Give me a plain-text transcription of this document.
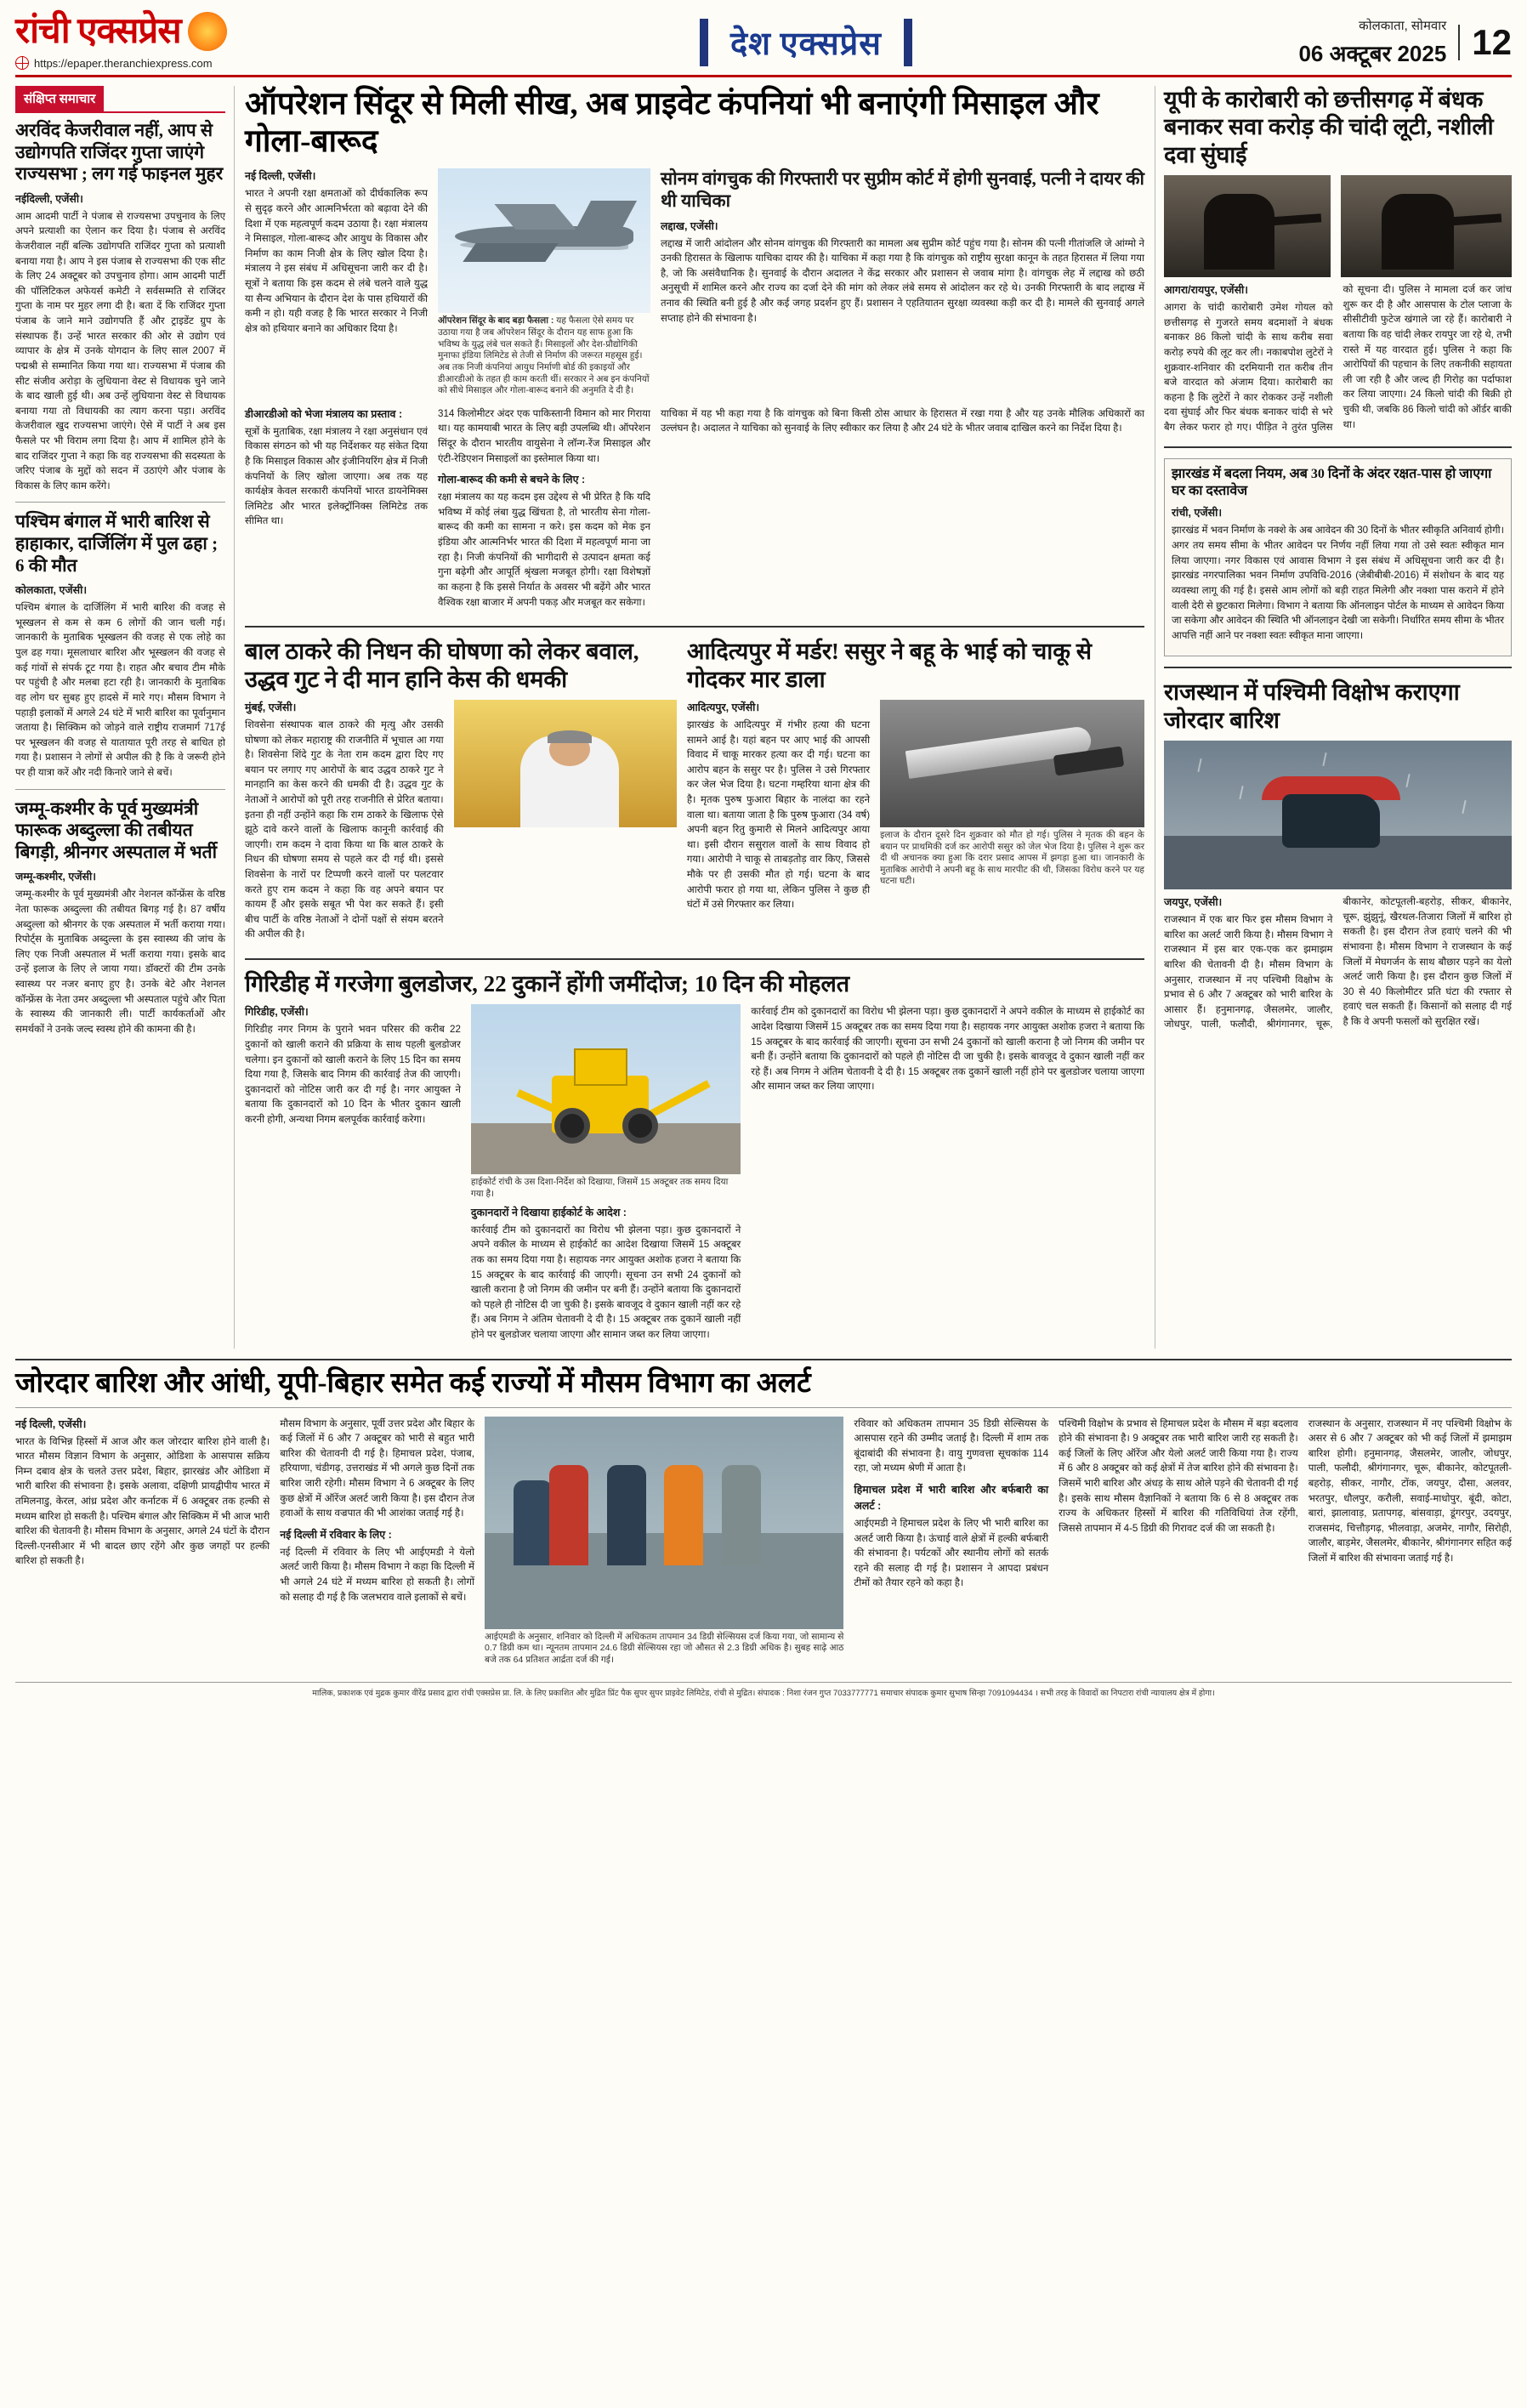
रांची एक्सप्रेस
https://epaper.theranchiexpress.com
देश एक्सप्रेस
कोलकाता, सोमवार
06 अक्टूबर 2025 12
संक्षिप्त समाचार
अरविंद केजरीवाल नहीं, आप से उद्योगपति राजिंदर गुप्ता जाएंगे राज्यसभा ; लग गई फाइनल मुहर

नईदिल्ली, एजेंसी।
आम आदमी पार्टी ने पंजाब से राज्यसभा उपचुनाव के लिए अपने प्रत्याशी का ऐलान कर दिया है। पंजाब से अरविंद केजरीवाल नहीं बल्कि उद्योगपति राजिंदर गुप्ता को प्रत्याशी बनाया गया है। आप ने इस पंजाब से राज्यसभा की एक सीट के लिए 24 अक्टूबर को उपचुनाव होगा। आम आदमी पार्टी की पॉलिटिकल अफेयर्स कमेटी ने सर्वसम्मति से राजिंदर गुप्ता के नाम पर मुहर लगा दी है। बता दें कि राजिंदर गुप्ता पंजाब के जाने माने उद्योगपति हैं और ट्राइडेंट ग्रुप के संस्थापक हैं। उन्हें भारत सरकार की ओर से उद्योग एवं व्यापार के क्षेत्र में उनके योगदान के लिए साल 2007 में पद्मश्री से सम्मानित किया गया था। राज्यसभा में पंजाब की सीट संजीव अरोड़ा के लुधियाना वेस्ट से विधायक चुने जाने के बाद खाली हुई थी। अब उन्हें लुधियाना वेस्ट से विधायक बनाया गया तो विधायकी का त्याग करना पड़ा। अरविंद केजरीवाल खुद राज्यसभा जाएंगे। ऐसे में पार्टी ने अब इस फैसले पर भी विराम लगा दिया है। आप में शामिल होने के बाद राजिंदर गुप्ता ने कहा कि वह राज्यसभा की सदस्यता के जरिए पंजाब के मुद्दों को सदन में उठाएंगे और पंजाब के विकास के लिए काम करेंगे।

पश्चिम बंगाल में भारी बारिश से हाहाकार, दार्जिलिंग में पुल ढहा ; 6 की मौत

कोलकाता, एजेंसी।
पश्चिम बंगाल के दार्जिलिंग में भारी बारिश की वजह से भूस्खलन से कम से कम 6 लोगों की जान चली गई। जानकारी के मुताबिक भूस्खलन की वजह से एक लोहे का पुल ढह गया। मूसलाधार बारिश और भूस्खलन की वजह से कई गांवों से संपर्क टूट गया है। राहत और बचाव टीम मौके पर पहुंची है और मलबा हटा रही है। जानकारी के मुताबिक वह लोग घर सुबह हुए हादसे में मारे गए। मौसम विभाग ने पहाड़ी इलाकों में अगले 24 घंटे में भारी बारिश का पूर्वानुमान जताया है। सिक्किम को जोड़ने वाले राष्ट्रीय राजमार्ग 717ई पर भूस्खलन की वजह से यातायात पूरी तरह से बाधित हो गया है। प्रशासन ने लोगों से अपील की है कि वे जरूरी होने पर ही यात्रा करें और नदी किनारे जाने से बचें।

जम्मू-कश्मीर के पूर्व मुख्यमंत्री फारूक अब्दुल्ला की तबीयत बिगड़ी, श्रीनगर अस्पताल में भर्ती

जम्मू-कश्मीर, एजेंसी।
जम्मू-कश्मीर के पूर्व मुख्यमंत्री और नेशनल कॉन्फ्रेंस के वरिष्ठ नेता फारूक अब्दुल्ला की तबीयत बिगड़ गई है। 87 वर्षीय अब्दुल्ला को श्रीनगर के एक अस्पताल में भर्ती कराया गया। रिपोर्ट्स के मुताबिक अब्दुल्ला के इस स्वास्थ्य की जांच के लिए एक निजी अस्पताल में भर्ती कराया गया। इसके बाद उन्हें इलाज के लिए ले जाया गया। डॉक्टरों की टीम उनके स्वास्थ्य पर नजर बनाए हुए है। उनके बेटे और नेशनल कॉन्फ्रेंस के नेता उमर अब्दुल्ला भी अस्पताल पहुंचे और पिता के स्वास्थ्य की जानकारी ली। पार्टी कार्यकर्ताओं और समर्थकों ने उनके जल्द स्वस्थ होने की कामना की है।

ऑपरेशन सिंदूर से मिली सीख, अब प्राइवेट कंपनियां भी बनाएंगी मिसाइल और गोला-बारूद

नई दिल्ली, एजेंसी।
भारत ने अपनी रक्षा क्षमताओं को दीर्घकालिक रूप से सुदृढ़ करने और आत्मनिर्भरता को बढ़ावा देने की दिशा में एक महत्वपूर्ण कदम उठाया है। रक्षा मंत्रालय ने मिसाइल, गोला-बारूद और आयुध के विकास और निर्माण का काम निजी क्षेत्र के लिए खोल दिया है। मंत्रालय ने इस संबंध में अधिसूचना जारी कर दी है। सूत्रों ने बताया कि इस कदम से लंबे चलने वाले युद्ध या सैन्य अभियान के दौरान देश के पास हथियारों की कमी न हो। यही वजह है कि भारत सरकार ने निजी क्षेत्र को हथियार बनाने का अधिकार दिया है।

ऑपरेशन सिंदूर के बाद बड़ा फैसला : यह फैसला ऐसे समय पर उठाया गया है जब ऑपरेशन सिंदूर के दौरान यह साफ हुआ कि भविष्य के युद्ध लंबे चल सकते हैं। मिसाइलों और देश-प्रौद्योगिकी मुनाफा इंडिया लिमिटेड से तेजी से निर्माण की जरूरत महसूस हुई। अब तक निजी कंपनियां आयुध निर्माणी बोर्ड की इकाइयों और डीआरडीओ के तहत ही काम करती थीं। सरकार ने अब इन कंपनियों को सीधे मिसाइल और गोला-बारूद बनाने की अनुमति दे दी है।
सोनम वांगचुक की गिरफ्तारी पर सुप्रीम कोर्ट में होगी सुनवाई, पत्नी ने दायर की थी याचिका

लद्दाख, एजेंसी।
लद्दाख में जारी आंदोलन और सोनम वांगचुक की गिरफ्तारी का मामला अब सुप्रीम कोर्ट पहुंच गया है। सोनम की पत्नी गीतांजलि जे आंग्मो ने उनकी हिरासत के खिलाफ याचिका दायर की है। याचिका में कहा गया है कि वांगचुक को राष्ट्रीय सुरक्षा कानून के तहत हिरासत में लिया गया है, जो कि असंवैधानिक है। सुनवाई के दौरान अदालत ने केंद्र सरकार और प्रशासन से जवाब मांगा है। वांगचुक लेह में लद्दाख को छठी अनुसूची में शामिल करने और राज्य का दर्जा देने की मांग को लेकर लंबे समय से आंदोलन कर रहे थे। उनकी गिरफ्तारी के बाद लद्दाख में तनाव की स्थिति बनी हुई है और कई जगह प्रदर्शन हुए हैं। प्रशासन ने एहतियातन सुरक्षा व्यवस्था कड़ी कर दी है। मामले की सुनवाई अगले सप्ताह होने की संभावना है।

डीआरडीओ को भेजा मंत्रालय का प्रस्ताव :
सूत्रों के मुताबिक, रक्षा मंत्रालय ने रक्षा अनुसंधान एवं विकास संगठन को भी यह निर्देशकर यह संकेत दिया है कि मिसाइल विकास और इंजीनियरिंग क्षेत्र में निजी कंपनियों के लिए खोला जाएगा। अब तक यह कार्यक्षेत्र केवल सरकारी कंपनियों भारत डायनेमिक्स लिमिटेड और भारत इलेक्ट्रॉनिक्स लिमिटेड तक सीमित था।

314 किलोमीटर अंदर एक पाकिस्तानी विमान को मार गिराया था। यह कामयाबी भारत के लिए बड़ी उपलब्धि थी। ऑपरेशन सिंदूर के दौरान भारतीय वायुसेना ने लॉन्ग-रेंज मिसाइल और एंटी-रेडिएशन मिसाइलों का इस्तेमाल किया था।

गोला-बारूद की कमी से बचने के लिए :
रक्षा मंत्रालय का यह कदम इस उद्देश्य से भी प्रेरित है कि यदि भविष्य में कोई लंबा युद्ध खिंचता है, तो भारतीय सेना गोला-बारूद की कमी का सामना न करे। इस कदम को मेक इन इंडिया और आत्मनिर्भर भारत की दिशा में महत्वपूर्ण माना जा रहा है। निजी कंपनियों की भागीदारी से उत्पादन क्षमता कई गुना बढ़ेगी और आपूर्ति श्रृंखला मजबूत होगी। रक्षा विशेषज्ञों का कहना है कि इससे निर्यात के अवसर भी बढ़ेंगे और भारत वैश्विक रक्षा बाजार में अपनी पकड़ और मजबूत कर सकेगा।

याचिका में यह भी कहा गया है कि वांगचुक को बिना किसी ठोस आधार के हिरासत में रखा गया है और यह उनके मौलिक अधिकारों का उल्लंघन है। अदालत ने याचिका को सुनवाई के लिए स्वीकार कर लिया है और 24 घंटे के भीतर जवाब दाखिल करने का निर्देश दिया है।

बाल ठाकरे की निधन की घोषणा को लेकर बवाल, उद्धव गुट ने दी मान हानि केस की धमकी

मुंबई, एजेंसी।
शिवसेना संस्थापक बाल ठाकरे की मृत्यु और उसकी घोषणा को लेकर महाराष्ट्र की राजनीति में भूचाल आ गया है। शिवसेना शिंदे गुट के नेता राम कदम द्वारा दिए गए बयान पर लगाए गए आरोपों के बाद उद्धव ठाकरे गुट ने मानहानि का केस करने की धमकी दी है। उद्धव गुट के नेताओं ने आरोपों को पूरी तरह राजनीति से प्रेरित बताया। इतना ही नहीं उन्होंने कहा कि राम ठाकरे के खिलाफ ऐसे झूठे दावे करने वालों के खिलाफ कानूनी कार्रवाई की जाएगी। राम कदम ने दावा किया था कि बाल ठाकरे के निधन की घोषणा समय से पहले कर दी गई थी। इससे शिवसेना के नारों पर टिप्पणी करने वालों पर पलटवार करते हुए राम कदम ने कहा कि वह अपने बयान पर कायम हैं और इसके सबूत भी पेश कर सकते हैं। इसी बीच पार्टी के वरिष्ठ नेताओं ने दोनों पक्षों से संयम बरतने की अपील की है।

आदित्यपुर में मर्डर! ससुर ने बहू के भाई को चाकू से गोदकर मार डाला

आदित्यपुर, एजेंसी।
झारखंड के आदित्यपुर में गंभीर हत्या की घटना सामने आई है। यहां बहन पर आए भाई की आपसी विवाद में चाकू मारकर हत्या कर दी गई। घटना का आरोप बहन के ससुर पर है। पुलिस ने उसे गिरफ्तार कर जेल भेज दिया है। घटना गम्हरिया थाना क्षेत्र की है। मृतक पुरुष फुआरा बिहार के नालंदा का रहने वाला था। बताया जाता है कि पुरुष फुआरा (34 वर्ष) अपनी बहन रितु कुमारी से मिलने आदित्यपुर आया था। इसी दौरान ससुराल वालों के साथ विवाद हो गया। आरोपी ने चाकू से ताबड़तोड़ वार किए, जिससे मौके पर ही उसकी मौत हो गई। घटना के बाद आरोपी फरार हो गया था, लेकिन पुलिस ने कुछ ही घंटों में उसे गिरफ्तार कर लिया।

इलाज के दौरान दूसरे दिन शुक्रवार को मौत हो गई। पुलिस ने मृतक की बहन के बयान पर प्राथमिकी दर्ज कर आरोपी ससुर को जेल भेज दिया है। पुलिस ने शुरू कर दी थी अचानक क्या हुआ कि दरार प्रसाद आपस में झगड़ा हुआ था। जानकारी के मुताबिक आरोपी ने अपनी बहू के साथ मारपीट की थी, जिसका विरोध करने पर यह घटना घटी।
गिरिडीह में गरजेगा बुलडोजर, 22 दुकानें होंगी जमींदोज; 10 दिन की मोहलत

गिरिडीह, एजेंसी।
गिरिडीह नगर निगम के पुराने भवन परिसर की करीब 22 दुकानों को खाली कराने की प्रक्रिया के साथ पहली बुलडोजर चलेगा। इन दुकानों को खाली कराने के लिए 15 दिन का समय दिया गया है, जिसके बाद निगम की कार्रवाई तेज की जाएगी। दुकानदारों को नोटिस जारी कर दी गई है। नगर आयुक्त ने बताया कि दुकानदारों को 10 दिन के भीतर दुकान खाली करनी होगी, अन्यथा निगम बलपूर्वक कार्रवाई करेगा।

हाईकोर्ट रांची के उस दिशा-निर्देश को दिखाया, जिसमें 15 अक्टूबर तक समय दिया गया है।

दुकानदारों ने दिखाया हाईकोर्ट के आदेश :
कार्रवाई टीम को दुकानदारों का विरोध भी झेलना पड़ा। कुछ दुकानदारों ने अपने वकील के माध्यम से हाईकोर्ट का आदेश दिखाया जिसमें 15 अक्टूबर तक का समय दिया गया है। सहायक नगर आयुक्त अशोक हजरा ने बताया कि 15 अक्टूबर के बाद कार्रवाई की जाएगी। सूचना उन सभी 24 दुकानों को खाली कराना है जो निगम की जमीन पर बनी हैं। उन्होंने बताया कि दुकानदारों को पहले ही नोटिस दी जा चुकी है। इसके बावजूद वे दुकान खाली नहीं कर रहे हैं। अब निगम ने अंतिम चेतावनी दे दी है। 15 अक्टूबर तक दुकानें खाली नहीं होने पर बुलडोजर चलाया जाएगा और सामान जब्त कर लिया जाएगा।

कार्रवाई टीम को दुकानदारों का विरोध भी झेलना पड़ा। कुछ दुकानदारों ने अपने वकील के माध्यम से हाईकोर्ट का आदेश दिखाया जिसमें 15 अक्टूबर तक का समय दिया गया है। सहायक नगर आयुक्त अशोक हजरा ने बताया कि 15 अक्टूबर के बाद कार्रवाई की जाएगी। सूचना उन सभी 24 दुकानों को खाली कराना है जो निगम की जमीन पर बनी हैं। उन्होंने बताया कि दुकानदारों को पहले ही नोटिस दी जा चुकी है। इसके बावजूद वे दुकान खाली नहीं कर रहे हैं। अब निगम ने अंतिम चेतावनी दे दी है। 15 अक्टूबर तक दुकानें खाली नहीं होने पर बुलडोजर चलाया जाएगा और सामान जब्त कर लिया जाएगा।

यूपी के कारोबारी को छत्तीसगढ़ में बंधक बनाकर सवा करोड़ की चांदी लूटी, नशीली दवा सुंघाई

आगरा/रायपुर, एजेंसी।
आगरा के चांदी कारोबारी उमेश गोयल को छत्तीसगढ़ से गुजरते समय बदमाशों ने बंधक बनाकर 86 किलो चांदी के साथ करीब सवा करोड़ रुपये की लूट कर ली। नकाबपोश लुटेरों ने शुक्रवार-शनिवार की दरमियानी रात करीब तीन बजे वारदात को अंजाम दिया। कारोबारी का कहना है कि लुटेरों ने कार रोककर उन्हें नशीली दवा सुंघाई और फिर बंधक बनाकर चांदी से भरे बैग लेकर फरार हो गए। पीड़ित ने तुरंत पुलिस को सूचना दी। पुलिस ने मामला दर्ज कर जांच शुरू कर दी है और आसपास के टोल प्लाजा के सीसीटीवी फुटेज खंगाले जा रहे हैं। कारोबारी ने बताया कि वह चांदी लेकर रायपुर जा रहे थे, तभी रास्ते में यह वारदात हुई। पुलिस ने कहा कि आरोपियों की पहचान के लिए तकनीकी सहायता ली जा रही है और जल्द ही गिरोह का पर्दाफाश कर लिया जाएगा। 24 किलो चांदी की बिक्री हो चुकी थी, जबकि 86 किलो चांदी को ऑर्डर बाकी था।

झारखंड में बदला नियम, अब 30 दिनों के अंदर रक्षत-पास हो जाएगा घर का दस्तावेज

रांची, एजेंसी।
झारखंड में भवन निर्माण के नक्शे के अब आवेदन की 30 दिनों के भीतर स्वीकृति अनिवार्य होगी। अगर तय समय सीमा के भीतर आवेदन पर निर्णय नहीं लिया गया तो उसे स्वतः स्वीकृत मान लिया जाएगा। नगर विकास एवं आवास विभाग ने इस संबंध में अधिसूचना जारी कर दी है। झारखंड नगरपालिका भवन निर्माण उपविधि-2016 (जेबीबीबी-2016) में संशोधन के बाद यह व्यवस्था लागू की गई है। इससे आम लोगों को बड़ी राहत मिलेगी और नक्शा पास कराने में होने वाली देरी से छुटकारा मिलेगा। विभाग ने बताया कि ऑनलाइन पोर्टल के माध्यम से आवेदन किया जा सकेगा और आवेदन की स्थिति भी ऑनलाइन देखी जा सकेगी। निर्धारित समय सीमा के भीतर आपत्ति नहीं आने पर नक्शा स्वतः स्वीकृत माना जाएगा।

राजस्थान में पश्चिमी विक्षोभ कराएगा जोरदार बारिश

जयपुर, एजेंसी।
राजस्थान में एक बार फिर इस मौसम विभाग ने बारिश का अलर्ट जारी किया है। मौसम विभाग ने राजस्थान में इस बार एक-एक कर झमाझम बारिश की चेतावनी दी है। मौसम विभाग के अनुसार, राजस्थान में नए पश्चिमी विक्षोभ के प्रभाव से 6 और 7 अक्टूबर को भारी बारिश के आसार हैं। हनुमानगढ़, जैसलमेर, जालौर, जोधपुर, पाली, फलौदी, श्रीगंगानगर, चूरू, बीकानेर, कोटपूतली-बहरोड़, सीकर, बीकानेर, चूरू, झुंझुनूं, खैरथल-तिजारा जिलों में बारिश हो सकती है। इस दौरान तेज हवाएं चलने की भी संभावना है। मौसम विभाग ने राजस्थान के कई जिलों में मेघगर्जन के साथ बौछार पड़ने का येलो अलर्ट जारी किया है। इस दौरान कुछ जिलों में 30 से 40 किलोमीटर प्रति घंटा की रफ्तार से हवाएं चल सकती हैं। किसानों को सलाह दी गई है कि वे अपनी फसलों को सुरक्षित रखें।

जोरदार बारिश और आंधी, यूपी-बिहार समेत कई राज्यों में मौसम विभाग का अलर्ट

नई दिल्ली, एजेंसी।
भारत के विभिन्न हिस्सों में आज और कल जोरदार बारिश होने वाली है। भारत मौसम विज्ञान विभाग के अनुसार, ओडिशा के आसपास सक्रिय निम्न दबाव क्षेत्र के चलते उत्तर प्रदेश, बिहार, झारखंड और ओडिशा में भारी बारिश की संभावना है। इसके अलावा, दक्षिणी प्रायद्वीपीय भारत में तमिलनाडु, केरल, आंध्र प्रदेश और कर्नाटक में 6 अक्टूबर तक हल्की से मध्यम बारिश हो सकती है। पश्चिम बंगाल और सिक्किम में भी आज भारी बारिश की चेतावनी है। मौसम विभाग के अनुसार, अगले 24 घंटों के दौरान दिल्ली-एनसीआर में भी बादल छाए रहेंगे और कुछ जगहों पर हल्की बारिश हो सकती है।

मौसम विभाग के अनुसार, पूर्वी उत्तर प्रदेश और बिहार के कई जिलों में 6 और 7 अक्टूबर को भारी से बहुत भारी बारिश की चेतावनी दी गई है। हिमाचल प्रदेश, पंजाब, हरियाणा, चंडीगढ़, उत्तराखंड में भी अगले कुछ दिनों तक बारिश जारी रहेगी। मौसम विभाग ने 6 अक्टूबर के लिए कुछ क्षेत्रों में ऑरेंज अलर्ट जारी किया है। इस दौरान तेज हवाओं के साथ वज्रपात की भी आशंका जताई गई है।

नई दिल्ली में रविवार के लिए :
नई दिल्ली में रविवार के लिए भी आईएमडी ने येलो अलर्ट जारी किया है। मौसम विभाग ने कहा कि दिल्ली में भी अगले 24 घंटे में मध्यम बारिश हो सकती है। लोगों को सलाह दी गई है कि जलभराव वाले इलाकों से बचें।

आईएमडी के अनुसार, शनिवार को दिल्ली में अधिकतम तापमान 34 डिग्री सेल्सियस दर्ज किया गया, जो सामान्य से 0.7 डिग्री कम था। न्यूनतम तापमान 24.6 डिग्री सेल्सियस रहा जो औसत से 2.3 डिग्री अधिक है। सुबह साढ़े आठ बजे तक 64 प्रतिशत आर्द्रता दर्ज की गई।

रविवार को अधिकतम तापमान 35 डिग्री सेल्सियस के आसपास रहने की उम्मीद जताई है। दिल्ली में शाम तक बूंदाबांदी की संभावना है। वायु गुणवत्ता सूचकांक 114 रहा, जो मध्यम श्रेणी में आता है।

हिमाचल प्रदेश में भारी बारिश और बर्फबारी का अलर्ट :
आईएमडी ने हिमाचल प्रदेश के लिए भी भारी बारिश का अलर्ट जारी किया है। ऊंचाई वाले क्षेत्रों में हल्की बर्फबारी की संभावना है। पर्यटकों और स्थानीय लोगों को सतर्क रहने की सलाह दी गई है। प्रशासन ने आपदा प्रबंधन टीमों को तैयार रहने को कहा है।

पश्चिमी विक्षोभ के प्रभाव से हिमाचल प्रदेश के मौसम में बड़ा बदलाव होने की संभावना है। 9 अक्टूबर तक भारी बारिश जारी रह सकती है। कई जिलों के लिए ऑरेंज और येलो अलर्ट जारी किया गया है। राज्य में 6 और 8 अक्टूबर को कई क्षेत्रों में तेज बारिश होने की संभावना है। जिसमें भारी बारिश और अंधड़ के साथ ओले पड़ने की चेतावनी दी गई है। इसके साथ मौसम वैज्ञानिकों ने बताया कि 6 से 8 अक्टूबर तक राज्य के अधिकतर हिस्सों में बारिश की गतिविधियां तेज रहेंगी, जिससे तापमान में 4-5 डिग्री की गिरावट दर्ज की जा सकती है।

राजस्थान के अनुसार, राजस्थान में नए पश्चिमी विक्षोभ के असर से 6 और 7 अक्टूबर को भी कई जिलों में झमाझम बारिश होगी। हनुमानगढ़, जैसलमेर, जालौर, जोधपुर, पाली, फलौदी, श्रीगंगानगर, चूरू, बीकानेर, कोटपूतली-बहरोड़, सीकर, नागौर, टोंक, जयपुर, दौसा, अलवर, भरतपुर, धौलपुर, करौली, सवाई-माधोपुर, बूंदी, कोटा, बारां, झालावाड़, प्रतापगढ़, बांसवाड़ा, डूंगरपुर, उदयपुर, राजसमंद, चित्तौड़गढ़, भीलवाड़ा, अजमेर, नागौर, सिरोही, जालौर, बाड़मेर, जैसलमेर, बीकानेर, श्रीगंगानगर सहित कई जिलों में बारिश की संभावना जताई गई है।

मालिक, प्रकाशक एवं मुद्रक कुमार वीरेंद्र प्रसाद द्वारा रांची एक्सप्रेस प्रा. लि. के लिए प्रकाशित और मुद्रित प्रिंट पैक सुपर सुपर प्राइवेट लिमिटेड, रांची से मुद्रित। संपादक : निशा रंजन गुप्त 7033777771 समाचार संपादक कुमार सुभाष सिन्हा 7091094434 । सभी तरह के विवादों का निपटारा रांची न्यायालय क्षेत्र में होगा।
